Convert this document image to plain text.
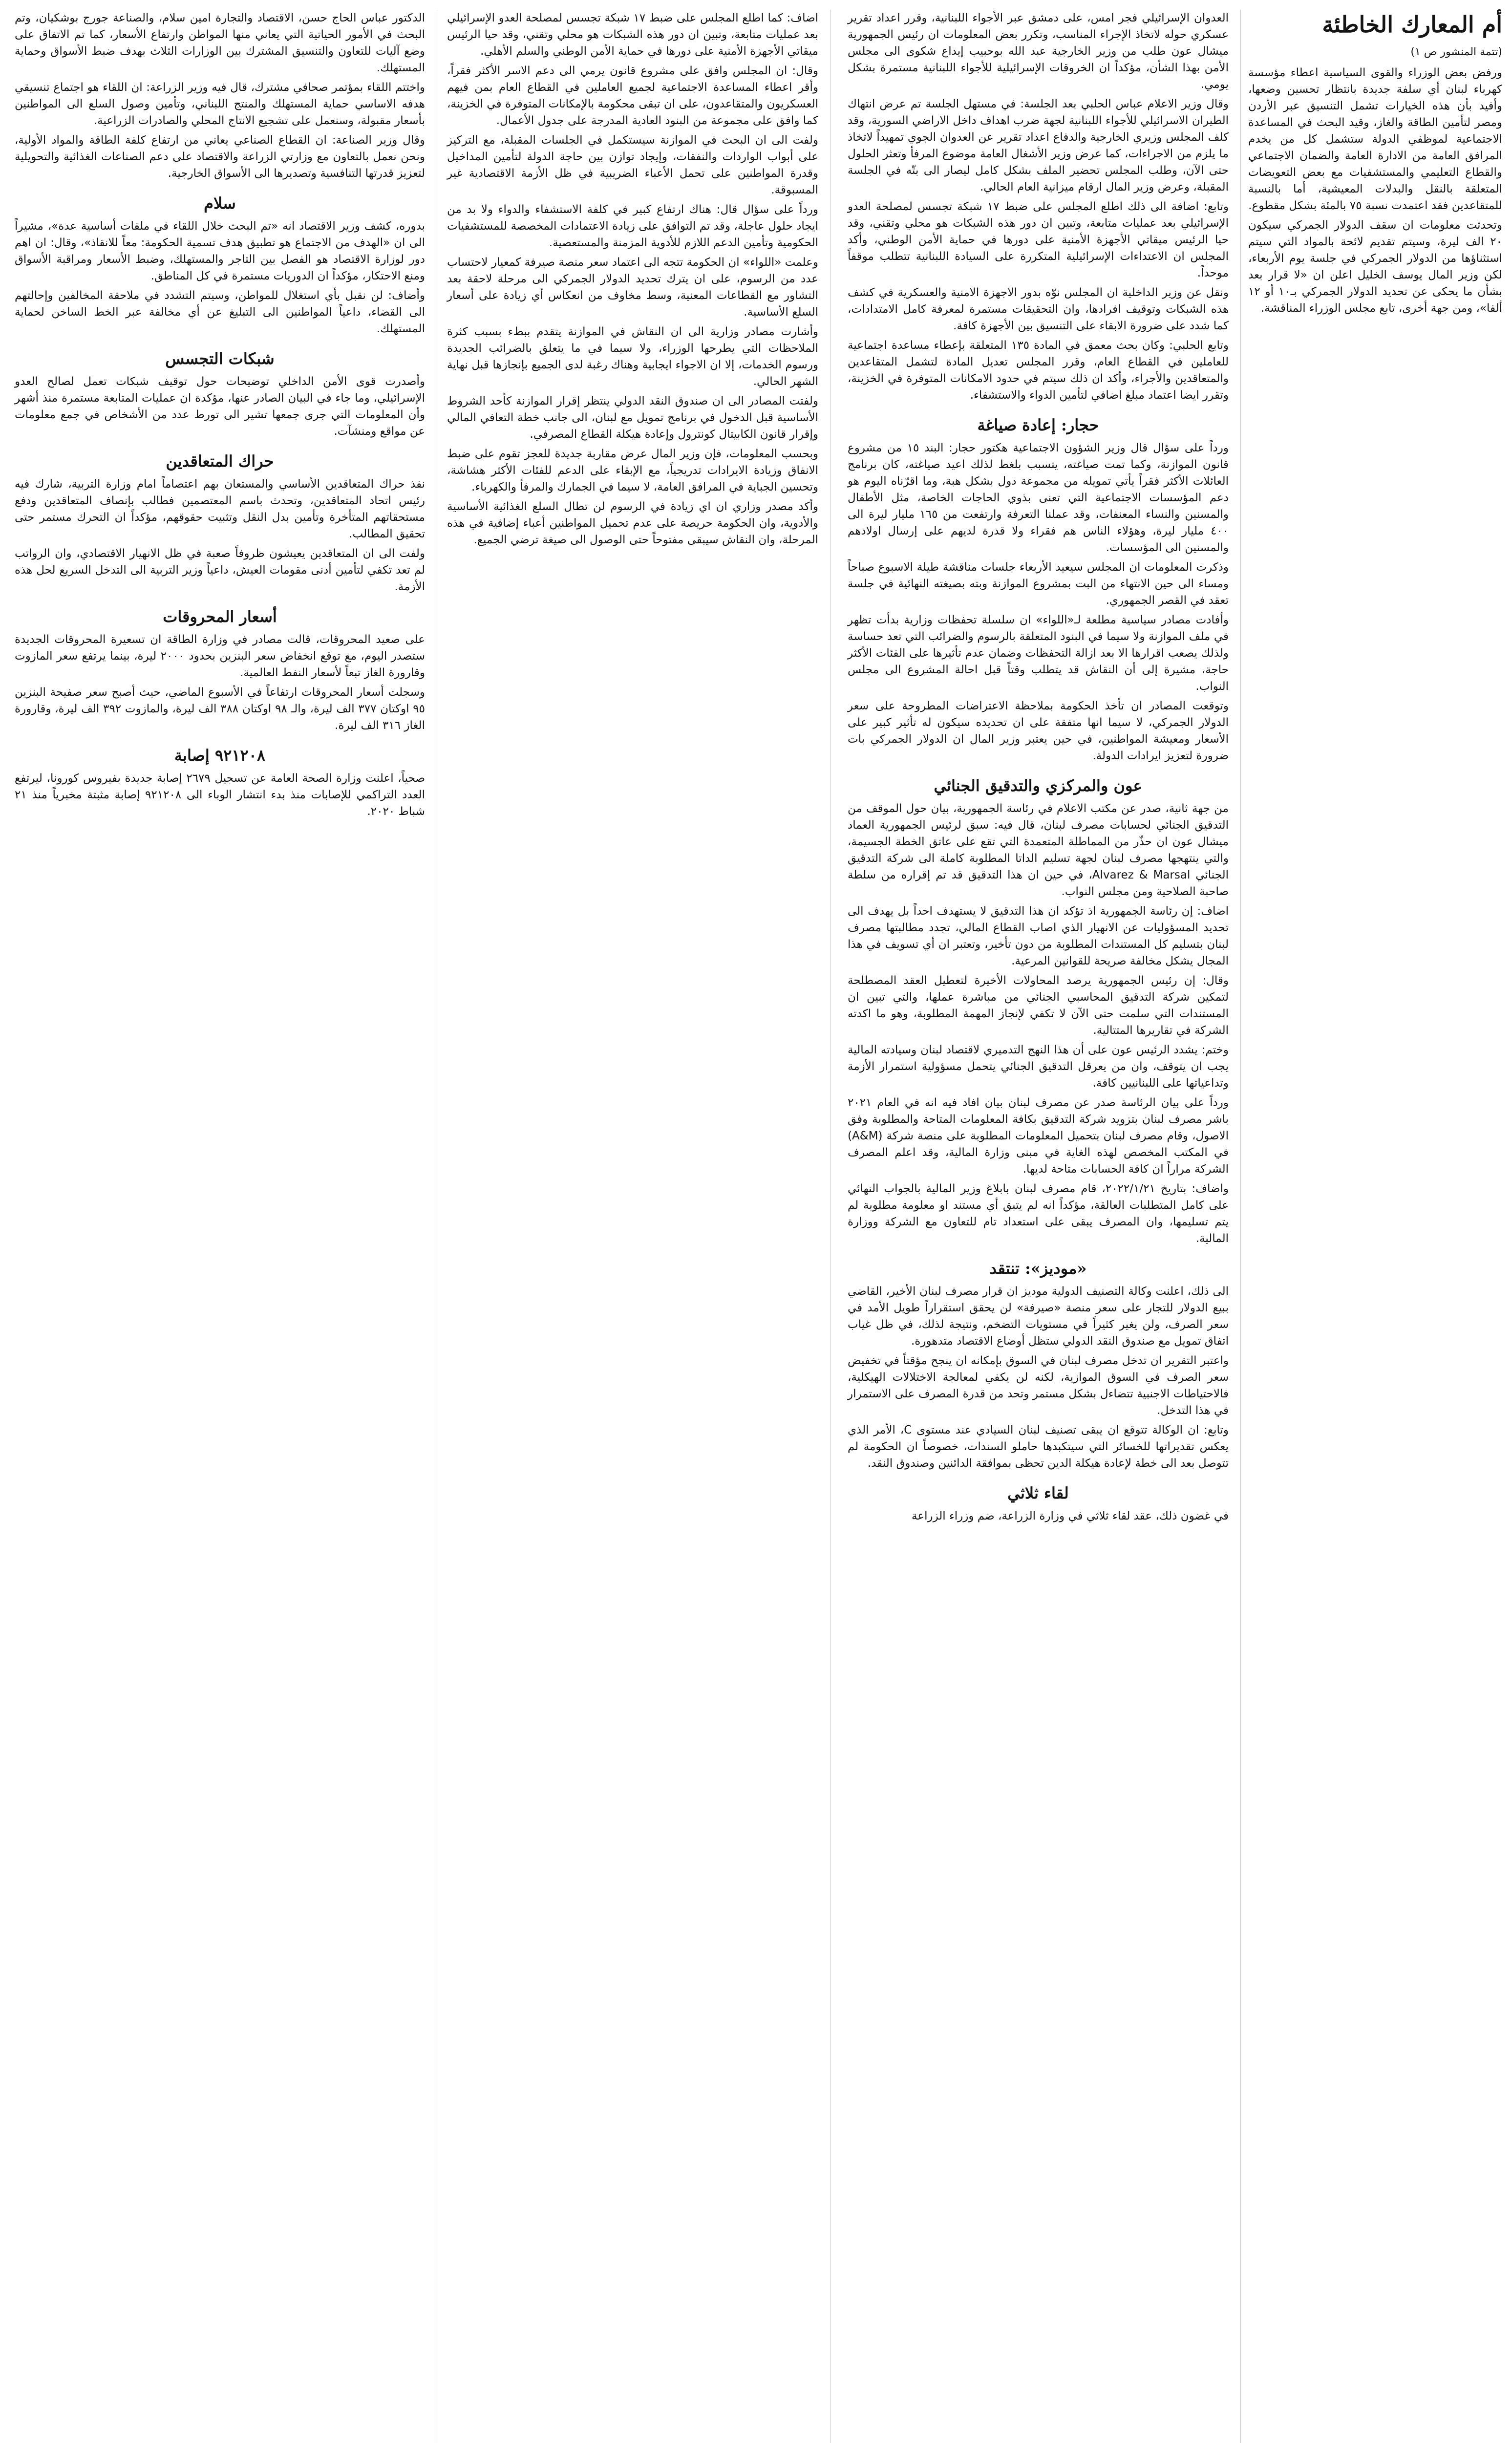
أم المعارك الخاطئة
(تتمة المنشور ص ١)

ورفض بعض الوزراء والقوى السياسية اعطاء مؤسسة كهرباء لبنان أي سلفة جديدة بانتظار تحسين وضعها، وأفيد بأن هذه الخيارات تشمل التنسيق عبر الأردن ومصر لتأمين الطاقة والغاز، وقيد البحث في المساعدة الاجتماعية لموظفي الدولة ستشمل كل من يخدم المرافق العامة من الادارة العامة والضمان الاجتماعي والقطاع التعليمي والمستشفيات مع بعض التعويضات المتعلقة بالنقل والبدلات المعيشية، أما بالنسبة للمتقاعدين فقد اعتمدت نسبة ٧٥ بالمئة بشكل مقطوع.

وتحدثت معلومات ان سقف الدولار الجمركي سيكون ٢٠ الف ليرة، وسيتم تقديم لائحة بالمواد التي سيتم استثناؤها من الدولار الجمركي في جلسة يوم الأربعاء، لكن وزير المال يوسف الخليل اعلن ان «لا قرار بعد بشأن ما يحكى عن تحديد الدولار الجمركي بـ١٠ أو ١٢ ألفا»، ومن جهة أخرى، تابع مجلس الوزراء المناقشة.

العدوان الإسرائيلي فجر امس، على دمشق عبر الأجواء اللبنانية، وقرر اعداد تقرير عسكري حوله لاتخاذ الإجراء المناسب، وتكرر بعض المعلومات ان رئيس الجمهورية ميشال عون طلب من وزير الخارجية عبد الله بوحبيب إيداع شكوى الى مجلس الأمن بهذا الشأن، مؤكداً ان الخروقات الإسرائيلية للأجواء اللبنانية مستمرة بشكل يومي.

وقال وزير الاعلام عباس الحلبي بعد الجلسة: في مستهل الجلسة تم عرض انتهاك الطيران الاسرائيلي للأجواء اللبنانية لجهة ضرب اهداف داخل الاراضي السورية، وقد كلف المجلس وزيري الخارجية والدفاع اعداد تقرير عن العدوان الجوي تمهيداً لاتخاذ ما يلزم من الاجراءات، كما عرض وزير الأشغال العامة موضوع المرفأ وتعثر الحلول حتى الآن، وطلب المجلس تحضير الملف بشكل كامل ليصار الى بتّه في الجلسة المقبلة، وعرض وزير المال ارقام ميزانية العام الحالي.

وتابع: اضافة الى ذلك اطلع المجلس على ضبط ١٧ شبكة تجسس لمصلحة العدو الإسرائيلي بعد عمليات متابعة، وتبين ان دور هذه الشبكات هو محلي وتقني، وقد حيا الرئيس ميقاتي الأجهزة الأمنية على دورها في حماية الأمن الوطني، وأكد المجلس ان الاعتداءات الإسرائيلية المتكررة على السيادة اللبنانية تتطلب موقفاً موحداً.

ونقل عن وزير الداخلية ان المجلس نوّه بدور الاجهزة الامنية والعسكرية في كشف هذه الشبكات وتوقيف افرادها، وان التحقيقات مستمرة لمعرفة كامل الامتدادات، كما شدد على ضرورة الابقاء على التنسيق بين الأجهزة كافة.

وتابع الحلبي: وكان بحث معمق في المادة ١٣٥ المتعلقة بإعطاء مساعدة اجتماعية للعاملين في القطاع العام، وقرر المجلس تعديل المادة لتشمل المتقاعدين والمتعاقدين والأجراء، وأكد ان ذلك سيتم في حدود الامكانات المتوفرة في الخزينة، وتقرر ايضا اعتماد مبلغ اضافي لتأمين الدواء والاستشفاء.

حجار: إعادة صياغة

ورداً على سؤال قال وزير الشؤون الاجتماعية هكتور حجار: البند ١٥ من مشروع قانون الموازنة، وكما تمت صياغته، يتسبب بلغط لذلك اعيد صياغته، كان برنامج العائلات الأكثر فقراً يأتي تمويله من مجموعة دول بشكل هبة، وما اقرّناه اليوم هو دعم المؤسسات الاجتماعية التي تعنى بذوي الحاجات الخاصة، مثل الأطفال والمسنين والنساء المعنفات، وقد عملنا التعرفة وارتفعت من ١٦٥ مليار ليرة الى ٤٠٠ مليار ليرة، وهؤلاء الناس هم فقراء ولا قدرة لديهم على إرسال اولادهم والمسنين الى المؤسسات.

وذكرت المعلومات ان المجلس سيعيد الأربعاء جلسات مناقشة طيلة الاسبوع صباحاً ومساء الى حين الانتهاء من البت بمشروع الموازنة وبته بصيغته النهائية في جلسة تعقد في القصر الجمهوري.

وأفادت مصادر سياسية مطلعة لـ«اللواء» ان سلسلة تحفظات وزارية بدأت تظهر في ملف الموازنة ولا سيما في البنود المتعلقة بالرسوم والضرائب التي تعد حساسة ولذلك يصعب اقرارها الا بعد ازالة التحفظات وضمان عدم تأثيرها على الفئات الأكثر حاجة، مشيرة إلى أن النقاش قد يتطلب وقتاً قبل احالة المشروع الى مجلس النواب.

وتوقعت المصادر ان تأخذ الحكومة بملاحظة الاعتراضات المطروحة على سعر الدولار الجمركي، لا سيما انها متفقة على ان تحديده سيكون له تأثير كبير على الأسعار ومعيشة المواطنين، في حين يعتبر وزير المال ان الدولار الجمركي بات ضرورة لتعزيز ايرادات الدولة.

عون والمركزي والتدقيق الجنائي

من جهة ثانية، صدر عن مكتب الاعلام في رئاسة الجمهورية، بيان حول الموقف من التدقيق الجنائي لحسابات مصرف لبنان، قال فيه: سبق لرئيس الجمهورية العماد ميشال عون ان حذّر من المماطلة المتعمدة التي تقع على عاتق الخطة الجسيمة، والتي ينتهجها مصرف لبنان لجهة تسليم الداتا المطلوبة كاملة الى شركة التدقيق الجنائي Alvarez & Marsal، في حين ان هذا التدقيق قد تم إقراره من سلطة صاحبة الصلاحية ومن مجلس النواب.

اضاف: إن رئاسة الجمهورية اذ تؤكد ان هذا التدقيق لا يستهدف احداً بل يهدف الى تحديد المسؤوليات عن الانهيار الذي اصاب القطاع المالي، تجدد مطالبتها مصرف لبنان بتسليم كل المستندات المطلوبة من دون تأخير، وتعتبر ان أي تسويف في هذا المجال يشكل مخالفة صريحة للقوانين المرعية.

وقال: إن رئيس الجمهورية يرصد المحاولات الأخيرة لتعطيل العقد المصطلحة لتمكين شركة التدقيق المحاسبي الجنائي من مباشرة عملها، والتي تبين ان المستندات التي سلمت حتى الآن لا تكفي لإنجاز المهمة المطلوبة، وهو ما اكدته الشركة في تقاريرها المتتالية.

وختم: يشدد الرئيس عون على أن هذا النهج التدميري لاقتصاد لبنان وسيادته المالية يجب ان يتوقف، وان من يعرقل التدقيق الجنائي يتحمل مسؤولية استمرار الأزمة وتداعياتها على اللبنانيين كافة.

ورداً على بيان الرئاسة صدر عن مصرف لبنان بيان افاد فيه انه في العام ٢٠٢١ باشر مصرف لبنان بتزويد شركة التدقيق بكافة المعلومات المتاحة والمطلوبة وفق الاصول، وقام مصرف لبنان بتحميل المعلومات المطلوبة على منصة شركة (A&M) في المكتب المخصص لهذه الغاية في مبنى وزارة المالية، وقد اعلم المصرف الشركة مراراً ان كافة الحسابات متاحة لديها.

واضاف: بتاريخ ٢٠٢٢/١/٢١، قام مصرف لبنان بابلاغ وزير المالية بالجواب النهائي على كامل المتطلبات العالقة، مؤكداً انه لم يتبق أي مستند او معلومة مطلوبة لم يتم تسليمها، وان المصرف يبقى على استعداد تام للتعاون مع الشركة ووزارة المالية.

«موديز»: تنتقد

الى ذلك، اعلنت وكالة التصنيف الدولية موديز ان قرار مصرف لبنان الأخير، القاضي ببيع الدولار للتجار على سعر منصة «صيرفة» لن يحقق استقراراً طويل الأمد في سعر الصرف، ولن يغير كثيراً في مستويات التضخم، ونتيجة لذلك، في ظل غياب اتفاق تمويل مع صندوق النقد الدولي ستظل أوضاع الاقتصاد متدهورة.

واعتبر التقرير ان تدخل مصرف لبنان في السوق بإمكانه ان ينجح مؤقتاً في تخفيض سعر الصرف في السوق الموازية، لكنه لن يكفي لمعالجة الاختلالات الهيكلية، فالاحتياطات الاجنبية تتضاءل بشكل مستمر وتحد من قدرة المصرف على الاستمرار في هذا التدخل.

وتابع: ان الوكالة تتوقع ان يبقى تصنيف لبنان السيادي عند مستوى C، الأمر الذي يعكس تقديراتها للخسائر التي سيتكبدها حاملو السندات، خصوصاً ان الحكومة لم تتوصل بعد الى خطة لإعادة هيكلة الدين تحظى بموافقة الدائنين وصندوق النقد.

لقاء ثلاثي

في غضون ذلك، عقد لقاء ثلاثي في وزارة الزراعة، ضم وزراء الزراعة

اضاف: كما اطلع المجلس على ضبط ١٧ شبكة تجسس لمصلحة العدو الإسرائيلي بعد عمليات متابعة، وتبين ان دور هذه الشبكات هو محلي وتقني، وقد حيا الرئيس ميقاتي الأجهزة الأمنية على دورها في حماية الأمن الوطني والسلم الأهلي.

وقال: ان المجلس وافق على مشروع قانون يرمي الى دعم الاسر الأكثر فقراً، وأقر اعطاء المساعدة الاجتماعية لجميع العاملين في القطاع العام بمن فيهم العسكريون والمتقاعدون، على ان تبقى محكومة بالإمكانات المتوفرة في الخزينة، كما وافق على مجموعة من البنود العادية المدرجة على جدول الأعمال.

ولفت الى ان البحث في الموازنة سيستكمل في الجلسات المقبلة، مع التركيز على أبواب الواردات والنفقات، وإيجاد توازن بين حاجة الدولة لتأمين المداخيل وقدرة المواطنين على تحمل الأعباء الضريبية في ظل الأزمة الاقتصادية غير المسبوقة.

ورداً على سؤال قال: هناك ارتفاع كبير في كلفة الاستشفاء والدواء ولا بد من ايجاد حلول عاجلة، وقد تم التوافق على زيادة الاعتمادات المخصصة للمستشفيات الحكومية وتأمين الدعم اللازم للأدوية المزمنة والمستعصية.

وعلمت «اللواء» ان الحكومة تتجه الى اعتماد سعر منصة صيرفة كمعيار لاحتساب عدد من الرسوم، على ان يترك تحديد الدولار الجمركي الى مرحلة لاحقة بعد التشاور مع القطاعات المعنية، وسط مخاوف من انعكاس أي زيادة على أسعار السلع الأساسية.

وأشارت مصادر وزارية الى ان النقاش في الموازنة يتقدم ببطء بسبب كثرة الملاحظات التي يطرحها الوزراء، ولا سيما في ما يتعلق بالضرائب الجديدة ورسوم الخدمات، إلا ان الاجواء ايجابية وهناك رغبة لدى الجميع بإنجازها قبل نهاية الشهر الحالي.

ولفتت المصادر الى ان صندوق النقد الدولي ينتظر إقرار الموازنة كأحد الشروط الأساسية قبل الدخول في برنامج تمويل مع لبنان، الى جانب خطة التعافي المالي وإقرار قانون الكابيتال كونترول وإعادة هيكلة القطاع المصرفي.

وبحسب المعلومات، فإن وزير المال عرض مقاربة جديدة للعجز تقوم على ضبط الانفاق وزيادة الايرادات تدريجياً، مع الإبقاء على الدعم للفئات الأكثر هشاشة، وتحسين الجباية في المرافق العامة، لا سيما في الجمارك والمرفأ والكهرباء.

وأكد مصدر وزاري ان اي زيادة في الرسوم لن تطال السلع الغذائية الأساسية والأدوية، وان الحكومة حريصة على عدم تحميل المواطنين أعباء إضافية في هذه المرحلة، وان النقاش سيبقى مفتوحاً حتى الوصول الى صيغة ترضي الجميع.

الدكتور عباس الحاج حسن، الاقتصاد والتجارة امين سلام، والصناعة جورج بوشكيان، وتم البحث في الأمور الحياتية التي يعاني منها المواطن وارتفاع الأسعار، كما تم الاتفاق على وضع آليات للتعاون والتنسيق المشترك بين الوزارات الثلاث بهدف ضبط الأسواق وحماية المستهلك.

واختتم اللقاء بمؤتمر صحافي مشترك، قال فيه وزير الزراعة: ان اللقاء هو اجتماع تنسيقي هدفه الاساسي حماية المستهلك والمنتج اللبناني، وتأمين وصول السلع الى المواطنين بأسعار مقبولة، وسنعمل على تشجيع الانتاج المحلي والصادرات الزراعية.

وقال وزير الصناعة: ان القطاع الصناعي يعاني من ارتفاع كلفة الطاقة والمواد الأولية، ونحن نعمل بالتعاون مع وزارتي الزراعة والاقتصاد على دعم الصناعات الغذائية والتحويلية لتعزيز قدرتها التنافسية وتصديرها الى الأسواق الخارجية.

سلام

بدوره، كشف وزير الاقتصاد انه «تم البحث خلال اللقاء في ملفات أساسية عدة»، مشيراً الى ان «الهدف من الاجتماع هو تطبيق هدف تسمية الحكومة: معاً للانقاذ»، وقال: ان اهم دور لوزارة الاقتصاد هو الفصل بين التاجر والمستهلك، وضبط الأسعار ومراقبة الأسواق ومنع الاحتكار، مؤكداً ان الدوريات مستمرة في كل المناطق.

وأضاف: لن نقبل بأي استغلال للمواطن، وسيتم التشدد في ملاحقة المخالفين وإحالتهم الى القضاء، داعياً المواطنين الى التبليغ عن أي مخالفة عبر الخط الساخن لحماية المستهلك.

شبكات التجسس

وأصدرت قوى الأمن الداخلي توضيحات حول توقيف شبكات تعمل لصالح العدو الإسرائيلي، وما جاء في البيان الصادر عنها، مؤكدة ان عمليات المتابعة مستمرة منذ أشهر وأن المعلومات التي جرى جمعها تشير الى تورط عدد من الأشخاص في جمع معلومات عن مواقع ومنشآت.

حراك المتعاقدين

نفذ حراك المتعاقدين الأساسي والمستعان بهم اعتصاماً امام وزارة التربية، شارك فيه رئيس اتحاد المتعاقدين، وتحدث باسم المعتصمين فطالب بإنصاف المتعاقدين ودفع مستحقاتهم المتأخرة وتأمين بدل النقل وتثبيت حقوقهم، مؤكداً ان التحرك مستمر حتى تحقيق المطالب.

ولفت الى ان المتعاقدين يعيشون ظروفاً صعبة في ظل الانهيار الاقتصادي، وان الرواتب لم تعد تكفي لتأمين أدنى مقومات العيش، داعياً وزير التربية الى التدخل السريع لحل هذه الأزمة.

أسعار المحروقات

على صعيد المحروقات، قالت مصادر في وزارة الطاقة ان تسعيرة المحروقات الجديدة ستصدر اليوم، مع توقع انخفاض سعر البنزين بحدود ٢٠٠٠ ليرة، بينما يرتفع سعر المازوت وقارورة الغاز تبعاً لأسعار النفط العالمية.

وسجلت أسعار المحروقات ارتفاعاً في الأسبوع الماضي، حيث أصبح سعر صفيحة البنزين ٩٥ اوكتان ٣٧٧ الف ليرة، والـ ٩٨ اوكتان ٣٨٨ الف ليرة، والمازوت ٣٩٢ الف ليرة، وقارورة الغاز ٣١٦ الف ليرة.

٩٢١٢٠٨ إصابة

صحياً، اعلنت وزارة الصحة العامة عن تسجيل ٢٦٧٩ إصابة جديدة بفيروس كورونا، ليرتفع العدد التراكمي للإصابات منذ بدء انتشار الوباء الى ٩٢١٢٠٨ إصابة مثبتة مخبرياً منذ ٢١ شباط ٢٠٢٠.
